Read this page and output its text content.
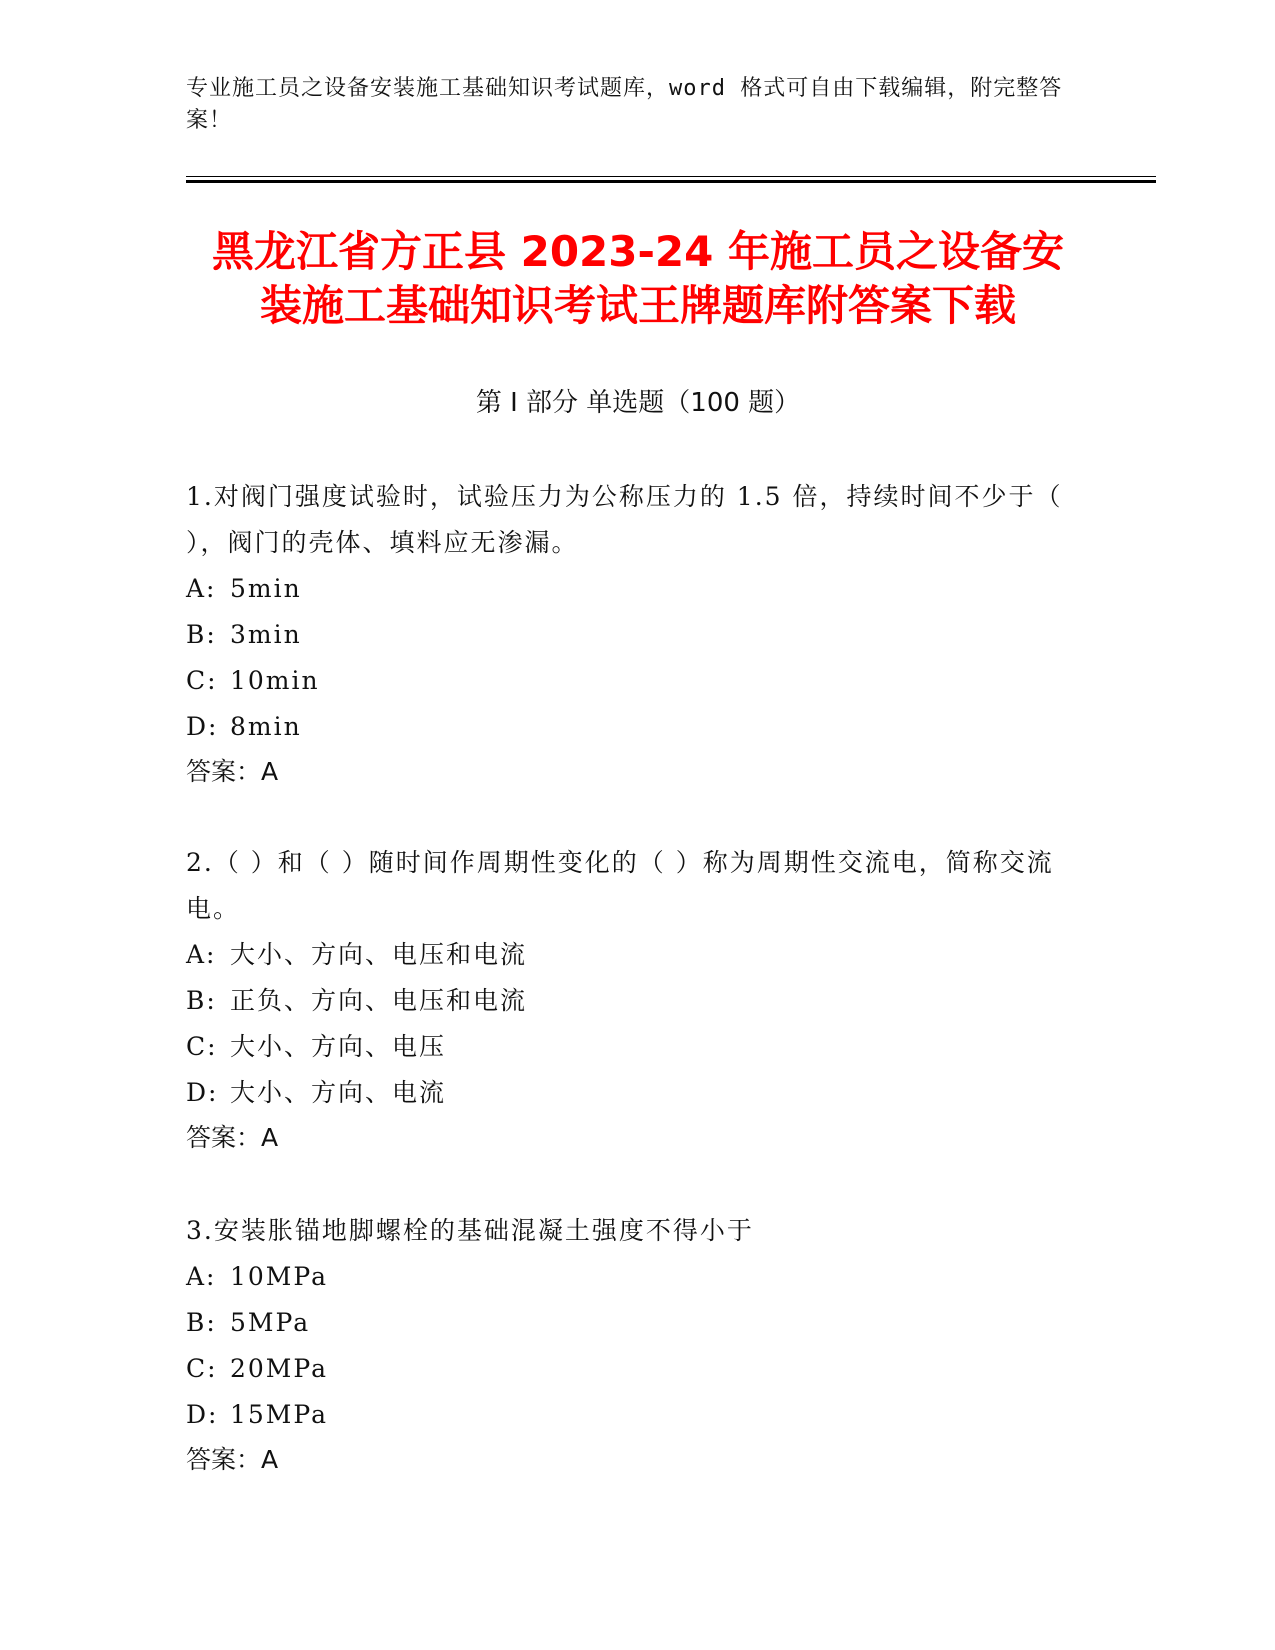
专业施工员之设备安装施工基础知识考试题库，word 格式可自由下载编辑，附完整答案！
黑龙江省方正县 2023-24 年施工员之设备安
装施工基础知识考试王牌题库附答案下载
第 I 部分 单选题（100 题）

1.对阀门强度试验时，试验压力为公称压力的 1.5 倍，持续时间不少于（ ），阀门的壳体、填料应无渗漏。

A: 5min

B: 3min

C: 10min

D: 8min

答案：A

2.（ ）和（ ）随时间作周期性变化的（ ）称为周期性交流电，简称交流电。

A: 大小、方向、电压和电流

B: 正负、方向、电压和电流

C: 大小、方向、电压

D: 大小、方向、电流

答案：A

3.安装胀锚地脚螺栓的基础混凝土强度不得小于

A: 10MPa

B: 5MPa

C: 20MPa

D: 15MPa

答案：A
